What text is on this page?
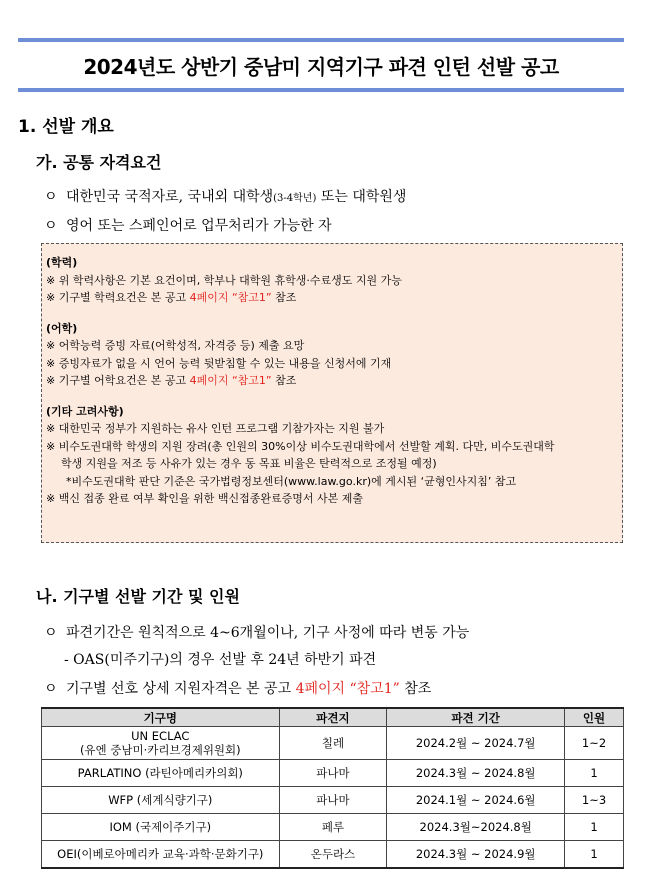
2024년도 상반기 중남미 지역기구 파견 인턴 선발 공고
1. 선발 개요
가. 공통 자격요건
ㅇ 대한민국 국적자로, 국내외 대학생(3-4학년) 또는 대학원생
ㅇ 영어 또는 스페인어로 업무처리가 가능한 자
(학력)
※ 위 학력사항은 기본 요건이며, 학부나 대학원 휴학생·수료생도 지원 가능
※ 기구별 학력요건은 본 공고 4페이지 “참고1” 참조
(어학)
※ 어학능력 증빙 자료(어학성적, 자격증 등) 제출 요망
※ 증빙자료가 없을 시 언어 능력 뒷받침할 수 있는 내용을 신청서에 기재
※ 기구별 어학요건은 본 공고 4페이지 “참고1” 참조
(기타 고려사항)
※ 대한민국 정부가 지원하는 유사 인턴 프로그램 기참가자는 지원 불가
※ 비수도권대학 학생의 지원 장려(총 인원의 30%이상 비수도권대학에서 선발할 계획. 다만, 비수도권대학
학생 지원을 저조 등 사유가 있는 경우 동 목표 비율은 탄력적으로 조정될 예정)
*비수도권대학 판단 기준은 국가법령정보센터(www.law.go.kr)에 게시된 ‘균형인사지침’ 참고
※ 백신 접종 완료 여부 확인을 위한 백신접종완료증명서 사본 제출
나. 기구별 선발 기간 및 인원
ㅇ 파견기간은 원칙적으로 4~6개월이나, 기구 사정에 따라 변동 가능
- OAS(미주기구)의 경우 선발 후 24년 하반기 파견
ㅇ 기구별 선호 상세 지원자격은 본 공고 4페이지 “참고1” 참조
기구명	파견지	파견 기간	인원

UN ECLAC
(유엔 중남미·카리브경제위원회)	칠레	2024.2월 ~ 2024.7월	1~2
PARLATINO (라틴아메리카의회)	파나마	2024.3월 ~ 2024.8월	1
WFP (세계식량기구)	파나마	2024.1월 ~ 2024.6월	1~3
IOM (국제이주기구)	페루	2024.3월~2024.8월	1
OEI(이베로아메리카 교육·과학·문화기구)	온두라스	2024.3월 ~ 2024.9월	1
